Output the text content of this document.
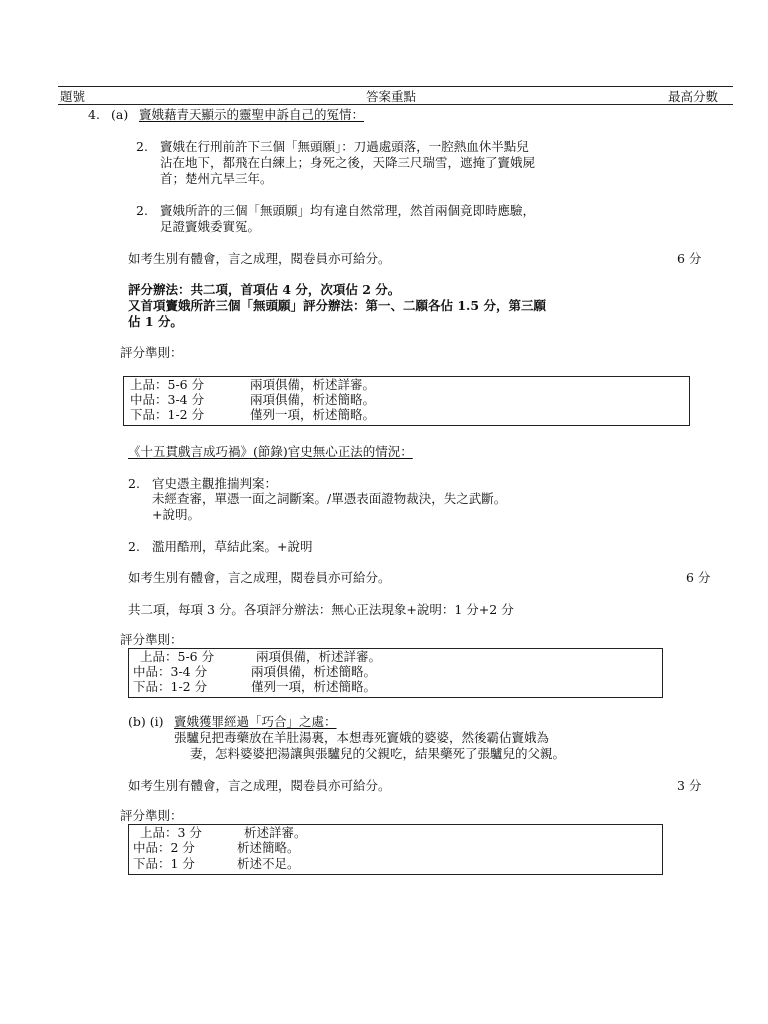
題號	答案重點	最高分數
4. (a) 竇娥藉青天顯示的靈聖申訴自己的冤情：
2. 竇娥在行刑前許下三個「無頭願」：刀過處頭落，一腔熱血休半點兒
沾在地下，都飛在白練上；身死之後，天降三尺瑞雪，遮掩了竇娥屍
首；楚州亢旱三年。
2. 竇娥所許的三個「無頭願」均有違自然常理，然首兩個竟即時應驗，
足證竇娥委實冤。
如考生別有體會，言之成理，閱卷員亦可給分。	6 分
評分辦法：共二項，首項佔 4 分，次項佔 2 分。
又首項竇娥所許三個「無頭願」評分辦法：第一、二願各佔 1.5 分，第三願
佔 1 分。
評分準則：
上品：5-6 分	兩項俱備，析述詳審。
中品：3-4 分	兩項俱備，析述簡略。
下品：1-2 分	僅列一項，析述簡略。
《十五貫戲言成巧禍》(節錄)官史無心正法的情況：
2. 官史憑主觀推揣判案：
未經查審，單憑一面之詞斷案。/單憑表面證物裁決，失之武斷。
+說明。
2. 濫用酷刑，草結此案。+說明
如考生別有體會，言之成理，閱卷員亦可給分。	6 分
共二項，每項 3 分。各項評分辦法：無心正法現象+說明：1 分+2 分
評分準則：
上品：5-6 分	兩項俱備，析述詳審。
中品：3-4 分	兩項俱備，析述簡略。
下品：1-2 分	僅列一項，析述簡略。
(b) (i) 竇娥獲罪經過「巧合」之處：
張驢兒把毒藥放在羊肚湯裏，本想毒死竇娥的婆婆，然後霸佔竇娥為
妻，怎料婆婆把湯讓與張驢兒的父親吃，結果藥死了張驢兒的父親。
如考生別有體會，言之成理，閱卷員亦可給分。	3 分
評分準則：
上品：3 分	析述詳審。
中品：2 分	析述簡略。
下品：1 分	析述不足。
